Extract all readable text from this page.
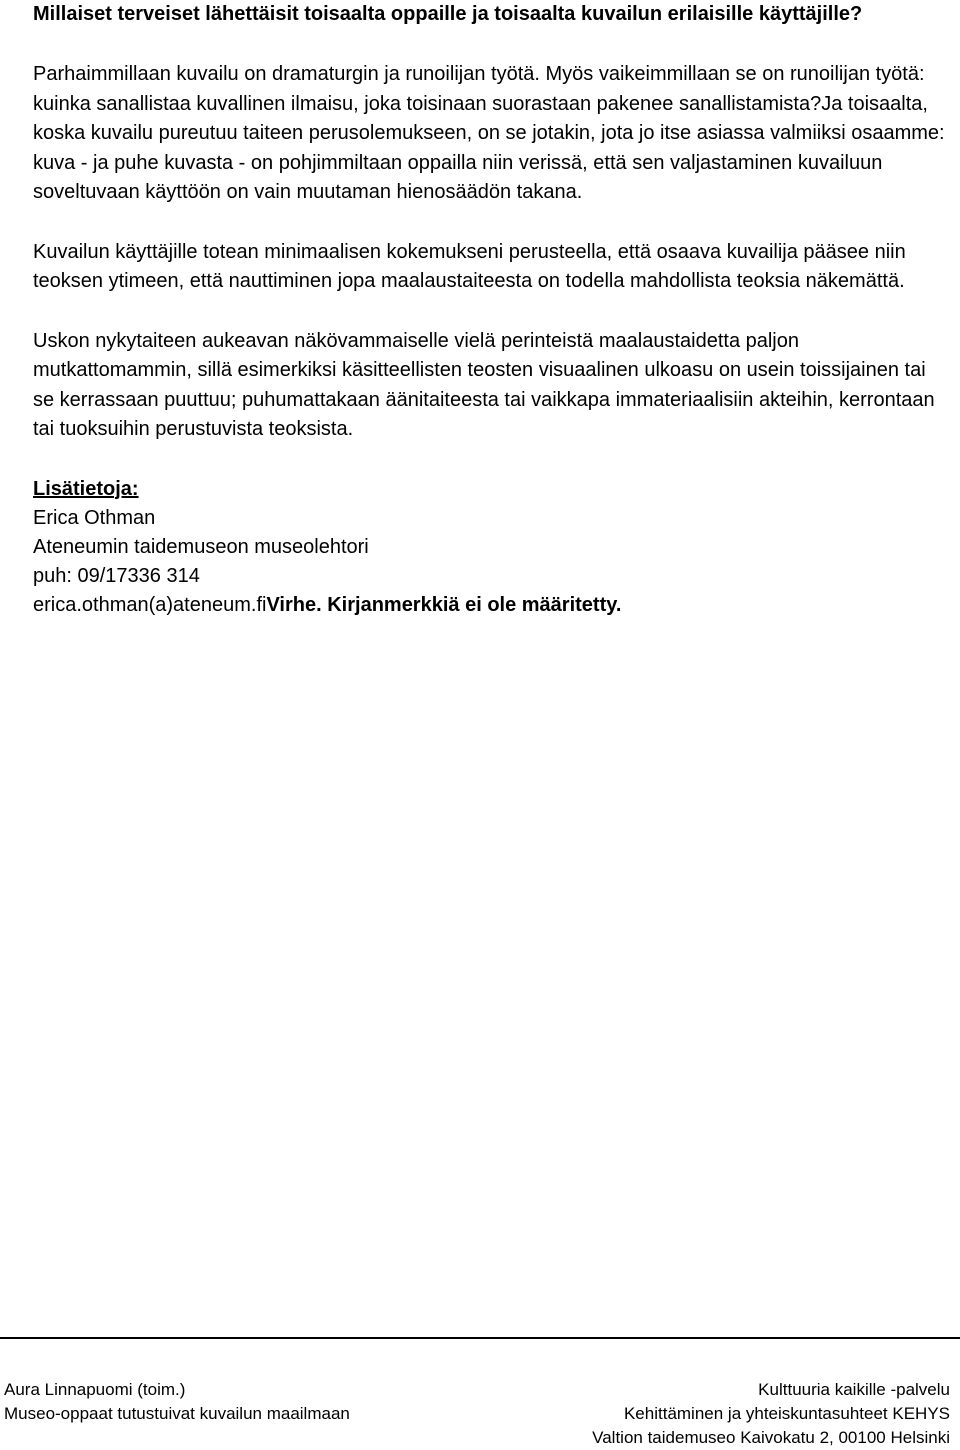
Millaiset terveiset lähettäisit toisaalta oppaille ja toisaalta kuvailun erilaisille käyttäjille?

Parhaimmillaan kuvailu on dramaturgin ja runoilijan työtä. Myös vaikeimmillaan se on runoilijan työtä: kuinka sanallistaa kuvallinen ilmaisu, joka toisinaan suorastaan pakenee sanallistamista?Ja toisaalta, koska kuvailu pureutuu taiteen perusolemukseen, on se jotakin, jota jo itse asiassa valmiiksi osaamme: kuva - ja puhe kuvasta - on pohjimmiltaan oppailla niin verissä, että sen valjastaminen kuvailuun soveltuvaan käyttöön on vain muutaman hienosäädön takana.

Kuvailun käyttäjille totean minimaalisen kokemukseni perusteella, että osaava kuvailija pääsee niin teoksen ytimeen, että nauttiminen jopa maalaustaiteesta on todella mahdollista teoksia näkemättä.

Uskon nykytaiteen aukeavan näkövammaiselle vielä perinteistä maalaustaidetta paljon mutkattomammin, sillä esimerkiksi käsitteellisten teosten visuaalinen ulkoasu on usein toissijainen tai se kerrassaan puuttuu; puhumattakaan äänitaiteesta tai vaikkapa immateriaalisiin akteihin, kerrontaan tai tuoksuihin perustuvista teoksista.

Lisätietoja:
Erica Othman
Ateneumin taidemuseon museolehtori
puh: 09/17336 314
erica.othman(a)ateneum.fiVirhe. Kirjanmerkkiä ei ole määritetty.
Aura Linnapuomi (toim.)
Museo-oppaat tutustuivat kuvailun maailmaan
Kulttuuria kaikille -palvelu
Kehittäminen ja yhteiskuntasuhteet KEHYS
Valtion taidemuseo Kaivokatu 2, 00100 Helsinki
